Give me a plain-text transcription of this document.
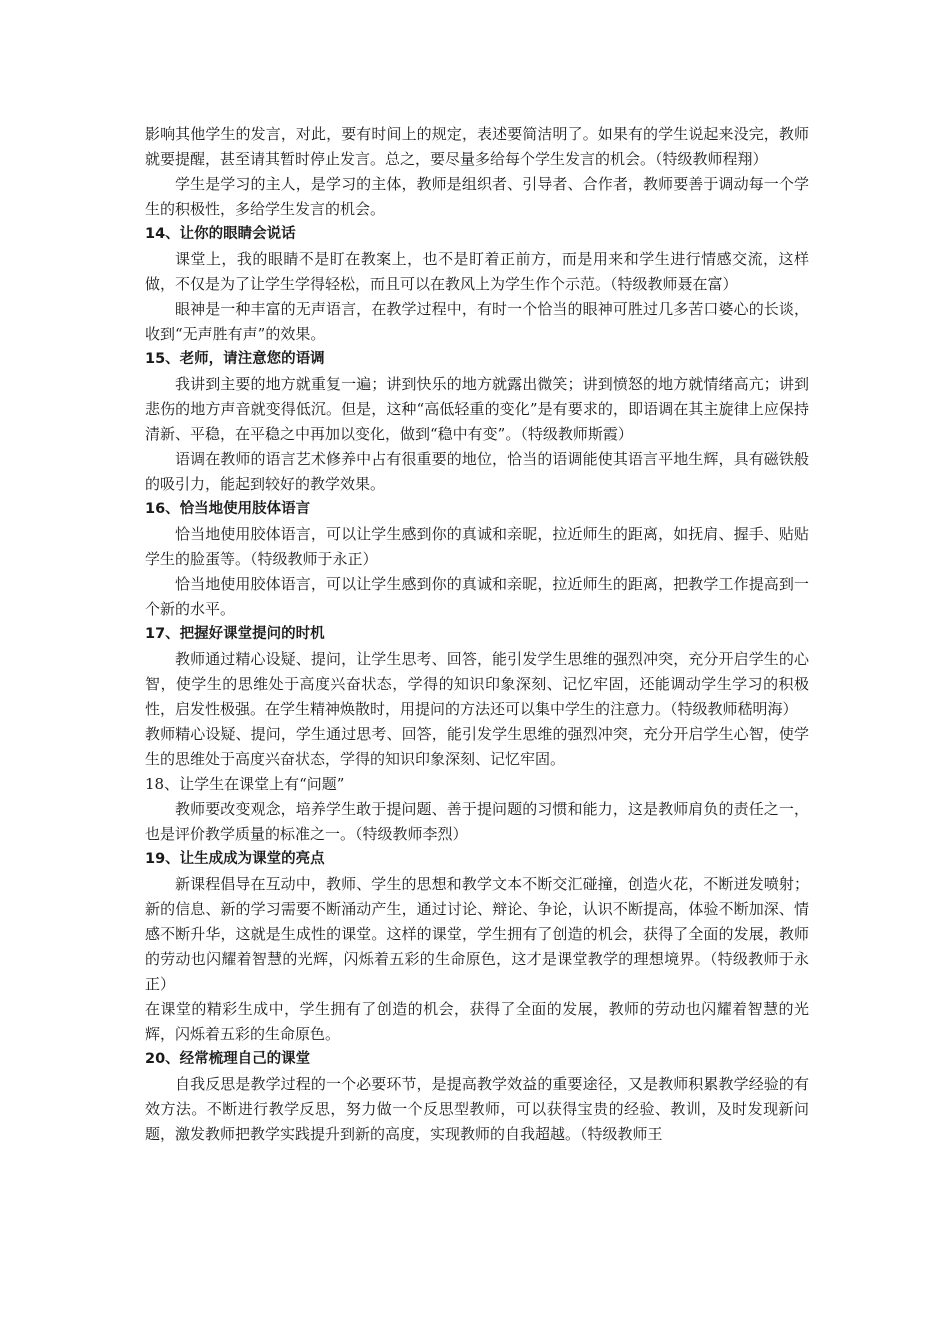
影响其他学生的发言，对此，要有时间上的规定，表述要简洁明了。如果有的学生说起来没完，教师就要提醒，甚至请其暂时停止发言。总之，要尽量多给每个学生发言的机会。（特级教师程翔）

学生是学习的主人，是学习的主体，教师是组织者、引导者、合作者，教师要善于调动每一个学生的积极性，多给学生发言的机会。

14、让你的眼睛会说话

课堂上，我的眼睛不是盯在教案上，也不是盯着正前方，而是用来和学生进行情感交流，这样做，不仅是为了让学生学得轻松，而且可以在教风上为学生作个示范。（特级教师聂在富）

眼神是一种丰富的无声语言，在教学过程中，有时一个恰当的眼神可胜过几多苦口婆心的长谈，收到“无声胜有声”的效果。

15、老师，请注意您的语调

我讲到主要的地方就重复一遍；讲到快乐的地方就露出微笑；讲到愤怒的地方就情绪高亢；讲到悲伤的地方声音就变得低沉。但是，这种“高低轻重的变化”是有要求的，即语调在其主旋律上应保持清新、平稳，在平稳之中再加以变化，做到“稳中有变”。（特级教师斯霞）

语调在教师的语言艺术修养中占有很重要的地位，恰当的语调能使其语言平地生辉，具有磁铁般的吸引力，能起到较好的教学效果。

16、恰当地使用肢体语言

恰当地使用胶体语言，可以让学生感到你的真诚和亲昵，拉近师生的距离，如抚肩、握手、贴贴学生的脸蛋等。（特级教师于永正）

恰当地使用胶体语言，可以让学生感到你的真诚和亲昵，拉近师生的距离，把教学工作提高到一个新的水平。

17、把握好课堂提问的时机

教师通过精心设疑、提问，让学生思考、回答，能引发学生思维的强烈冲突，充分开启学生的心智，使学生的思维处于高度兴奋状态，学得的知识印象深刻、记忆牢固，还能调动学生学习的积极性，启发性极强。在学生精神焕散时，用提问的方法还可以集中学生的注意力。（特级教师嵇明海）

教师精心设疑、提问，学生通过思考、回答，能引发学生思维的强烈冲突，充分开启学生心智，使学生的思维处于高度兴奋状态，学得的知识印象深刻、记忆牢固。

18、让学生在课堂上有“问题”

教师要改变观念，培养学生敢于提问题、善于提问题的习惯和能力，这是教师肩负的责任之一，也是评价教学质量的标准之一。（特级教师李烈）

19、让生成成为课堂的亮点

新课程倡导在互动中，教师、学生的思想和教学文本不断交汇碰撞，创造火花，不断迸发喷射；新的信息、新的学习需要不断涌动产生，通过讨论、辩论、争论，认识不断提高，体验不断加深、情感不断升华，这就是生成性的课堂。这样的课堂，学生拥有了创造的机会，获得了全面的发展，教师的劳动也闪耀着智慧的光辉，闪烁着五彩的生命原色，这才是课堂教学的理想境界。（特级教师于永正）

在课堂的精彩生成中，学生拥有了创造的机会，获得了全面的发展，教师的劳动也闪耀着智慧的光辉，闪烁着五彩的生命原色。

20、经常梳理自己的课堂

自我反思是教学过程的一个必要环节，是提高教学效益的重要途径，又是教师积累教学经验的有效方法。不断进行教学反思，努力做一个反思型教师，可以获得宝贵的经验、教训，及时发现新问题，激发教师把教学实践提升到新的高度，实现教师的自我超越。（特级教师王
